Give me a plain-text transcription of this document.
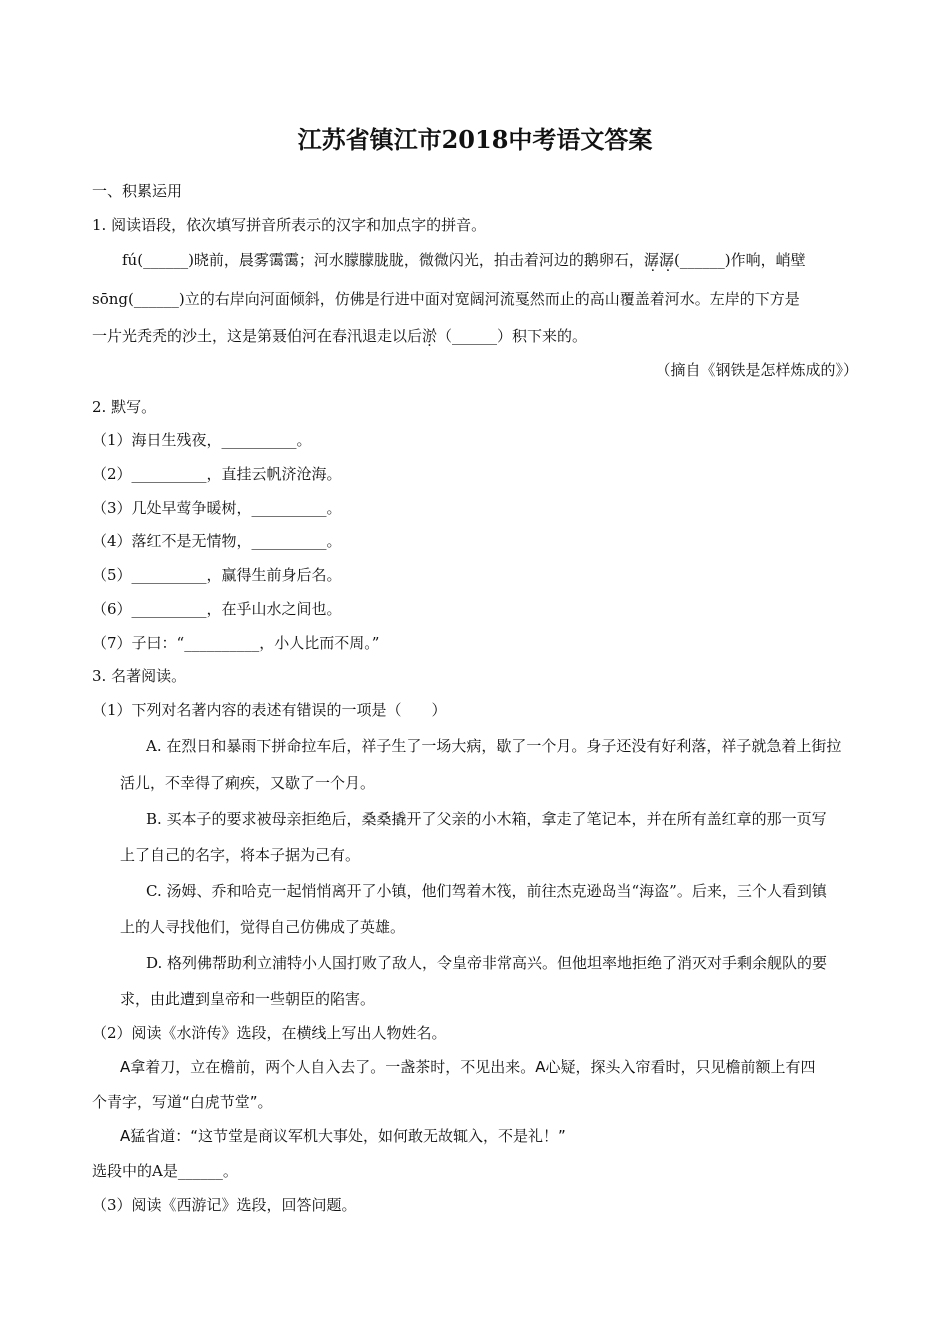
江苏省镇江市2018中考语文答案
一、积累运用
1. 阅读语段，依次填写拼音所表示的汉字和加点字的拼音。
fú(______)晓前，晨雾霭霭；河水朦朦胧胧，微微闪光，拍击着河边的鹅卵石，潺潺(______)作响，峭壁
sōng(______)立的右岸向河面倾斜，仿佛是行进中面对宽阔河流戛然而止的高山覆盖着河水。左岸的下方是
一片光秃秃的沙土，这是第聂伯河在春汛退走以后淤（______）积下来的。
（摘自《钢铁是怎样炼成的》）
2. 默写。
（1）海日生残夜，__________。
（2）__________，直挂云帆济沧海。
（3）几处早莺争暖树，__________。
（4）落红不是无情物，__________。
（5）__________，赢得生前身后名。
（6）__________，在乎山水之间也。
（7）子曰：“__________，小人比而不周。”
3. 名著阅读。
（1）下列对名著内容的表述有错误的一项是（　　）
A. 在烈日和暴雨下拼命拉车后，祥子生了一场大病，歇了一个月。身子还没有好利落，祥子就急着上街拉
活儿，不幸得了痢疾，又歇了一个月。
B. 买本子的要求被母亲拒绝后，桑桑撬开了父亲的小木箱，拿走了笔记本，并在所有盖红章的那一页写
上了自己的名字，将本子据为己有。
C. 汤姆、乔和哈克一起悄悄离开了小镇，他们驾着木筏，前往杰克逊岛当“海盗”。后来，三个人看到镇
上的人寻找他们，觉得自己仿佛成了英雄。
D. 格列佛帮助利立浦特小人国打败了敌人，令皇帝非常高兴。但他坦率地拒绝了消灭对手剩余舰队的要
求，由此遭到皇帝和一些朝臣的陷害。
（2）阅读《水浒传》选段，在横线上写出人物姓名。
A拿着刀，立在檐前，两个人自入去了。一盏茶时，不见出来。A心疑，探头入帘看时，只见檐前额上有四
个青字，写道“白虎节堂”。
A猛省道：“这节堂是商议军机大事处，如何敢无故辄入，不是礼！”
选段中的A是______。
（3）阅读《西游记》选段，回答问题。
